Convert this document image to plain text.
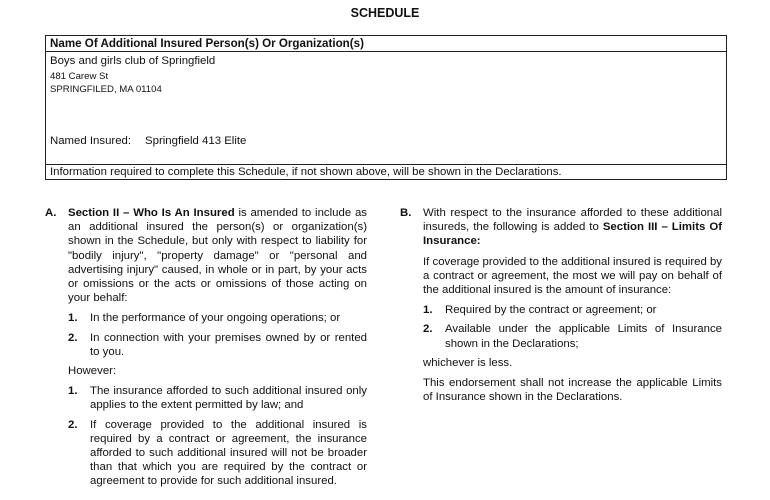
SCHEDULE
Name Of Additional Insured Person(s) Or Organization(s)
Boys and girls club of Springfield
481 Carew St
SPRINGFILED, MA 01104
Named Insured: Springfield 413 Elite
Information required to complete this Schedule, if not shown above, will be shown in the Declarations.
A.	Section II – Who Is An Insured is amended to include as an additional insured the person(s) or organization(s) shown in the Schedule, but only with respect to liability for "bodily injury", "property damage" or "personal and advertising injury" caused, in whole or in part, by your acts or omissions or the acts or omissions of those acting on your behalf:

1.	In the performance of your ongoing operations; or
2.	In connection with your premises owned by or rented to you.

However:

1.	The insurance afforded to such additional insured only applies to the extent permitted by law; and
2.	If coverage provided to the additional insured is required by a contract or agreement, the insurance afforded to such additional insured will not be broader than that which you are required by the contract or agreement to provide for such additional insured.
B.	With respect to the insurance afforded to these additional insureds, the following is added to Section III – Limits Of Insurance:

If coverage provided to the additional insured is required by a contract or agreement, the most we will pay on behalf of the additional insured is the amount of insurance:

1.	Required by the contract or agreement; or
2.	Available under the applicable Limits of Insurance shown in the Declarations;

whichever is less.

This endorsement shall not increase the applicable Limits of Insurance shown in the Declarations.
